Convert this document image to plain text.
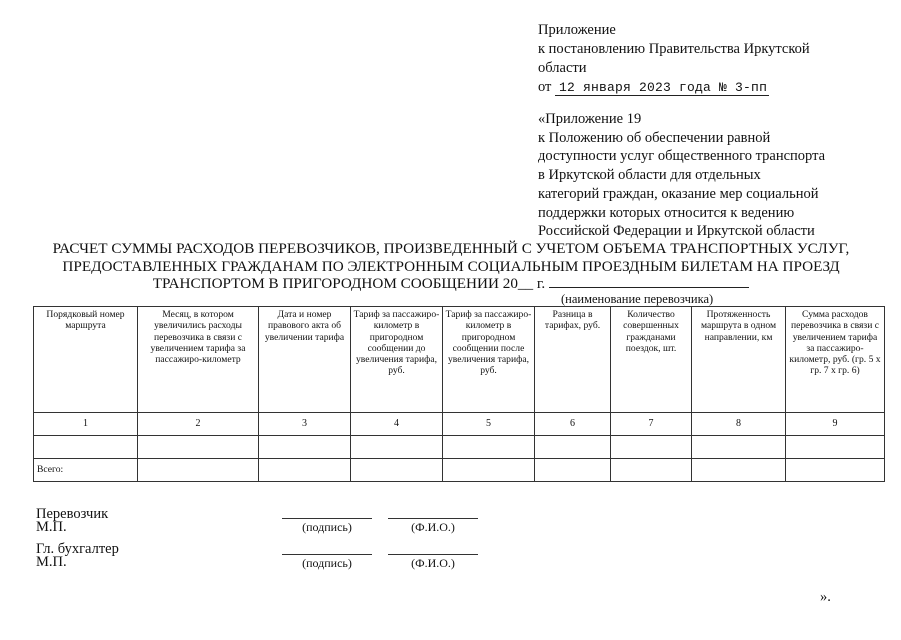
Приложение
к постановлению Правительства Иркутской
области
от 12 января 2023 года № 3-пп
«Приложение 19
к Положению об обеспечении равной
доступности услуг общественного транспорта
в Иркутской области для отдельных
категорий граждан, оказание мер социальной
поддержки которых относится к ведению
Российской Федерации и Иркутской области
РАСЧЕТ СУММЫ РАСХОДОВ ПЕРЕВОЗЧИКОВ, ПРОИЗВЕДЕННЫЙ С УЧЕТОМ ОБЪЕМА ТРАНСПОРТНЫХ УСЛУГ,
ПРЕДОСТАВЛЕННЫХ ГРАЖДАНАМ ПО ЭЛЕКТРОННЫМ СОЦИАЛЬНЫМ ПРОЕЗДНЫМ БИЛЕТАМ НА ПРОЕЗД
ТРАНСПОРТОМ В ПРИГОРОДНОМ СООБЩЕНИИ 20__ г.
(наименование перевозчика)
Порядковый номер маршрута	Месяц, в котором увеличились расходы перевозчика в связи с увеличением тарифа за пассажиро-километр	Дата и номер правового акта об увеличении тарифа	Тариф за пассажиро-километр в пригородном сообщении до увеличения тарифа, руб.	Тариф за пассажиро-километр в пригородном сообщении после увеличения тарифа, руб.	Разница в тарифах, руб.	Количество совершенных гражданами поездок, шт.	Протяженность маршрута в одном направлении, км	Сумма расходов перевозчика в связи с увеличением тарифа за пассажиро-километр, руб. (гр. 5 х гр. 7 х гр. 6)
1	2	3	4	5	6	7	8	9

Всего:								
Перевозчик
М.П.	(подпись)	(Ф.И.О.)
Гл. бухгалтер
М.П.	(подпись)	(Ф.И.О.)
».
